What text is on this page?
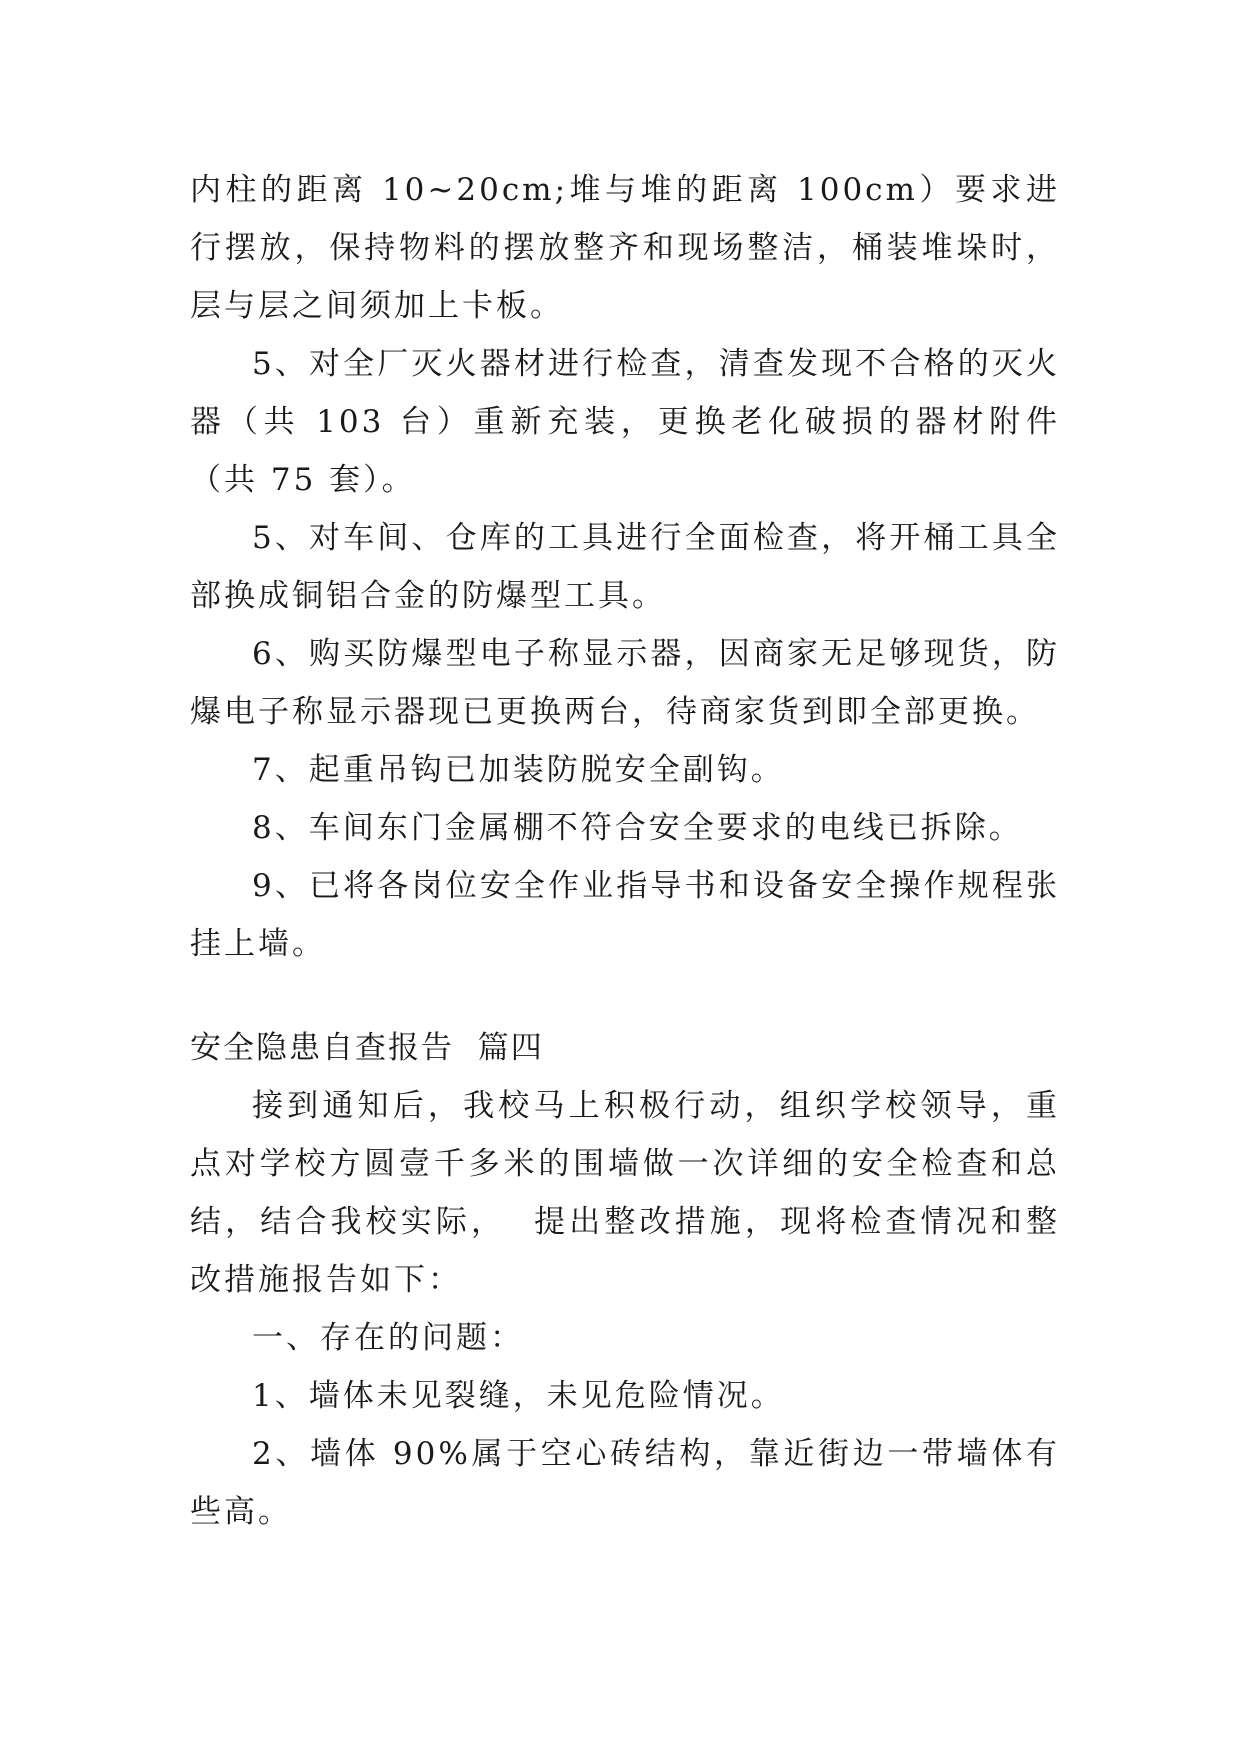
内柱的距离 10~20cm;堆与堆的距离 100cm）要求进行摆放，保持物料的摆放整齐和现场整洁，桶装堆垛时，层与层之间须加上卡板。

5、对全厂灭火器材进行检查，清查发现不合格的灭火器（共 103 台）重新充装，更换老化破损的器材附件（共 75 套）。

5、对车间、仓库的工具进行全面检查，将开桶工具全部换成铜铝合金的防爆型工具。

6、购买防爆型电子称显示器，因商家无足够现货，防爆电子称显示器现已更换两台，待商家货到即全部更换。

7、起重吊钩已加装防脱安全副钩。

8、车间东门金属棚不符合安全要求的电线已拆除。

9、已将各岗位安全作业指导书和设备安全操作规程张挂上墙。

安全隐患自查报告  篇四

接到通知后，我校马上积极行动，组织学校领导，重点对学校方圆壹千多米的围墙做一次详细的安全检查和总结，结合我校实际，  提出整改措施，现将检查情况和整改措施报告如下：

一、存在的问题：

1、墙体未见裂缝，未见危险情况。

2、墙体 90%属于空心砖结构，靠近街边一带墙体有些高。
